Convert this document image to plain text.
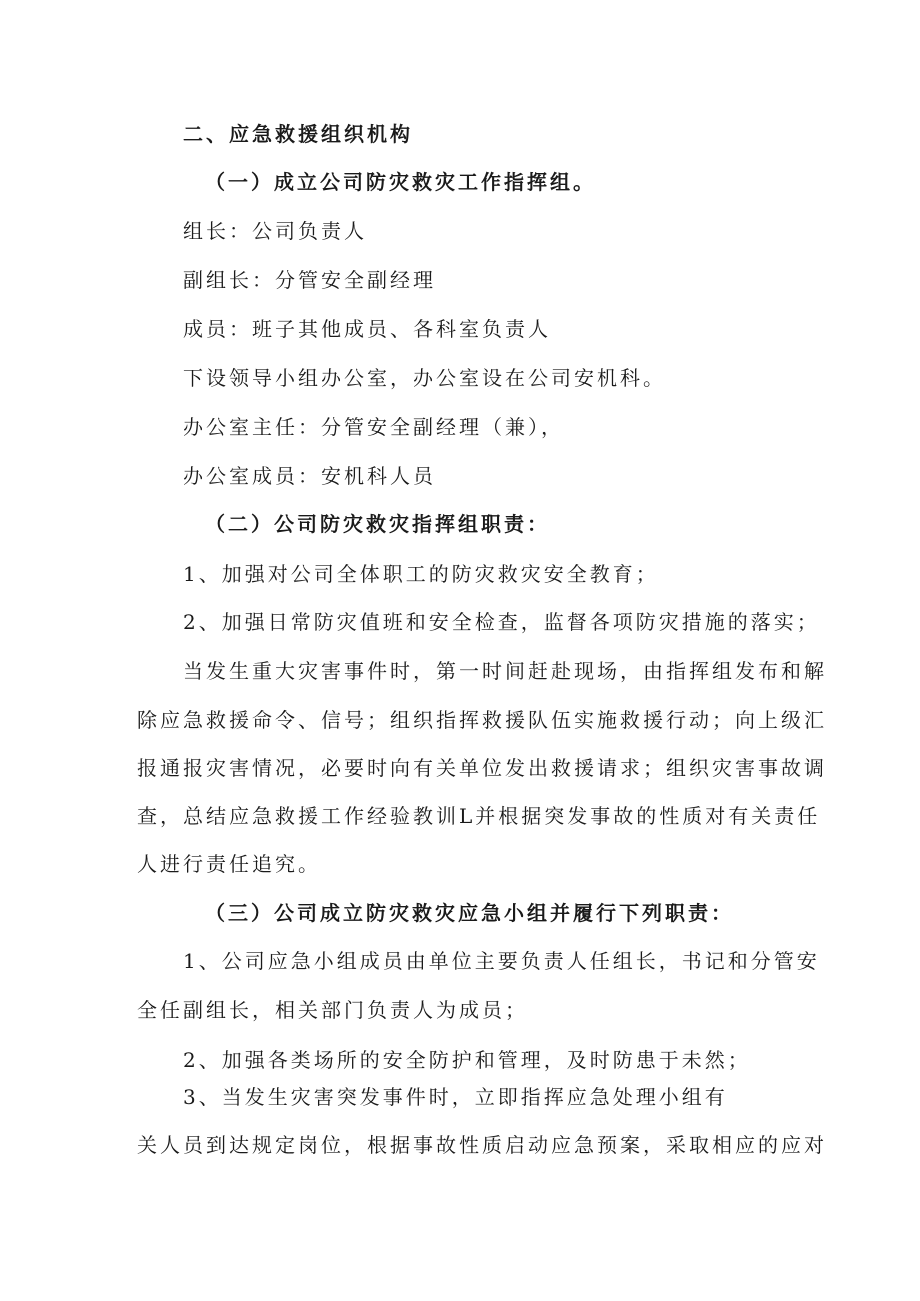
二、应急救援组织机构
（一）成立公司防灾救灾工作指挥组。
组长：公司负责人
副组长：分管安全副经理
成员：班子其他成员、各科室负责人
下设领导小组办公室，办公室设在公司安机科。
办公室主任：分管安全副经理（兼），
办公室成员：安机科人员
（二）公司防灾救灾指挥组职责：
1、加强对公司全体职工的防灾救灾安全教育；
2、加强日常防灾值班和安全检查，监督各项防灾措施的落实；
当发生重大灾害事件时，第一时间赶赴现场，由指挥组发布和解
除应急救援命令、信号；组织指挥救援队伍实施救援行动；向上级汇
报通报灾害情况，必要时向有关单位发出救援请求；组织灾害事故调
查，总结应急救援工作经验教训L并根据突发事故的性质对有关责任
人进行责任追究。
（三）公司成立防灾救灾应急小组并履行下列职责：
1、公司应急小组成员由单位主要负责人任组长，书记和分管安
全任副组长，相关部门负责人为成员；
2、加强各类场所的安全防护和管理，及时防患于未然；
3、当发生灾害突发事件时，立即指挥应急处理小组有
关人员到达规定岗位，根据事故性质启动应急预案，采取相应的应对
